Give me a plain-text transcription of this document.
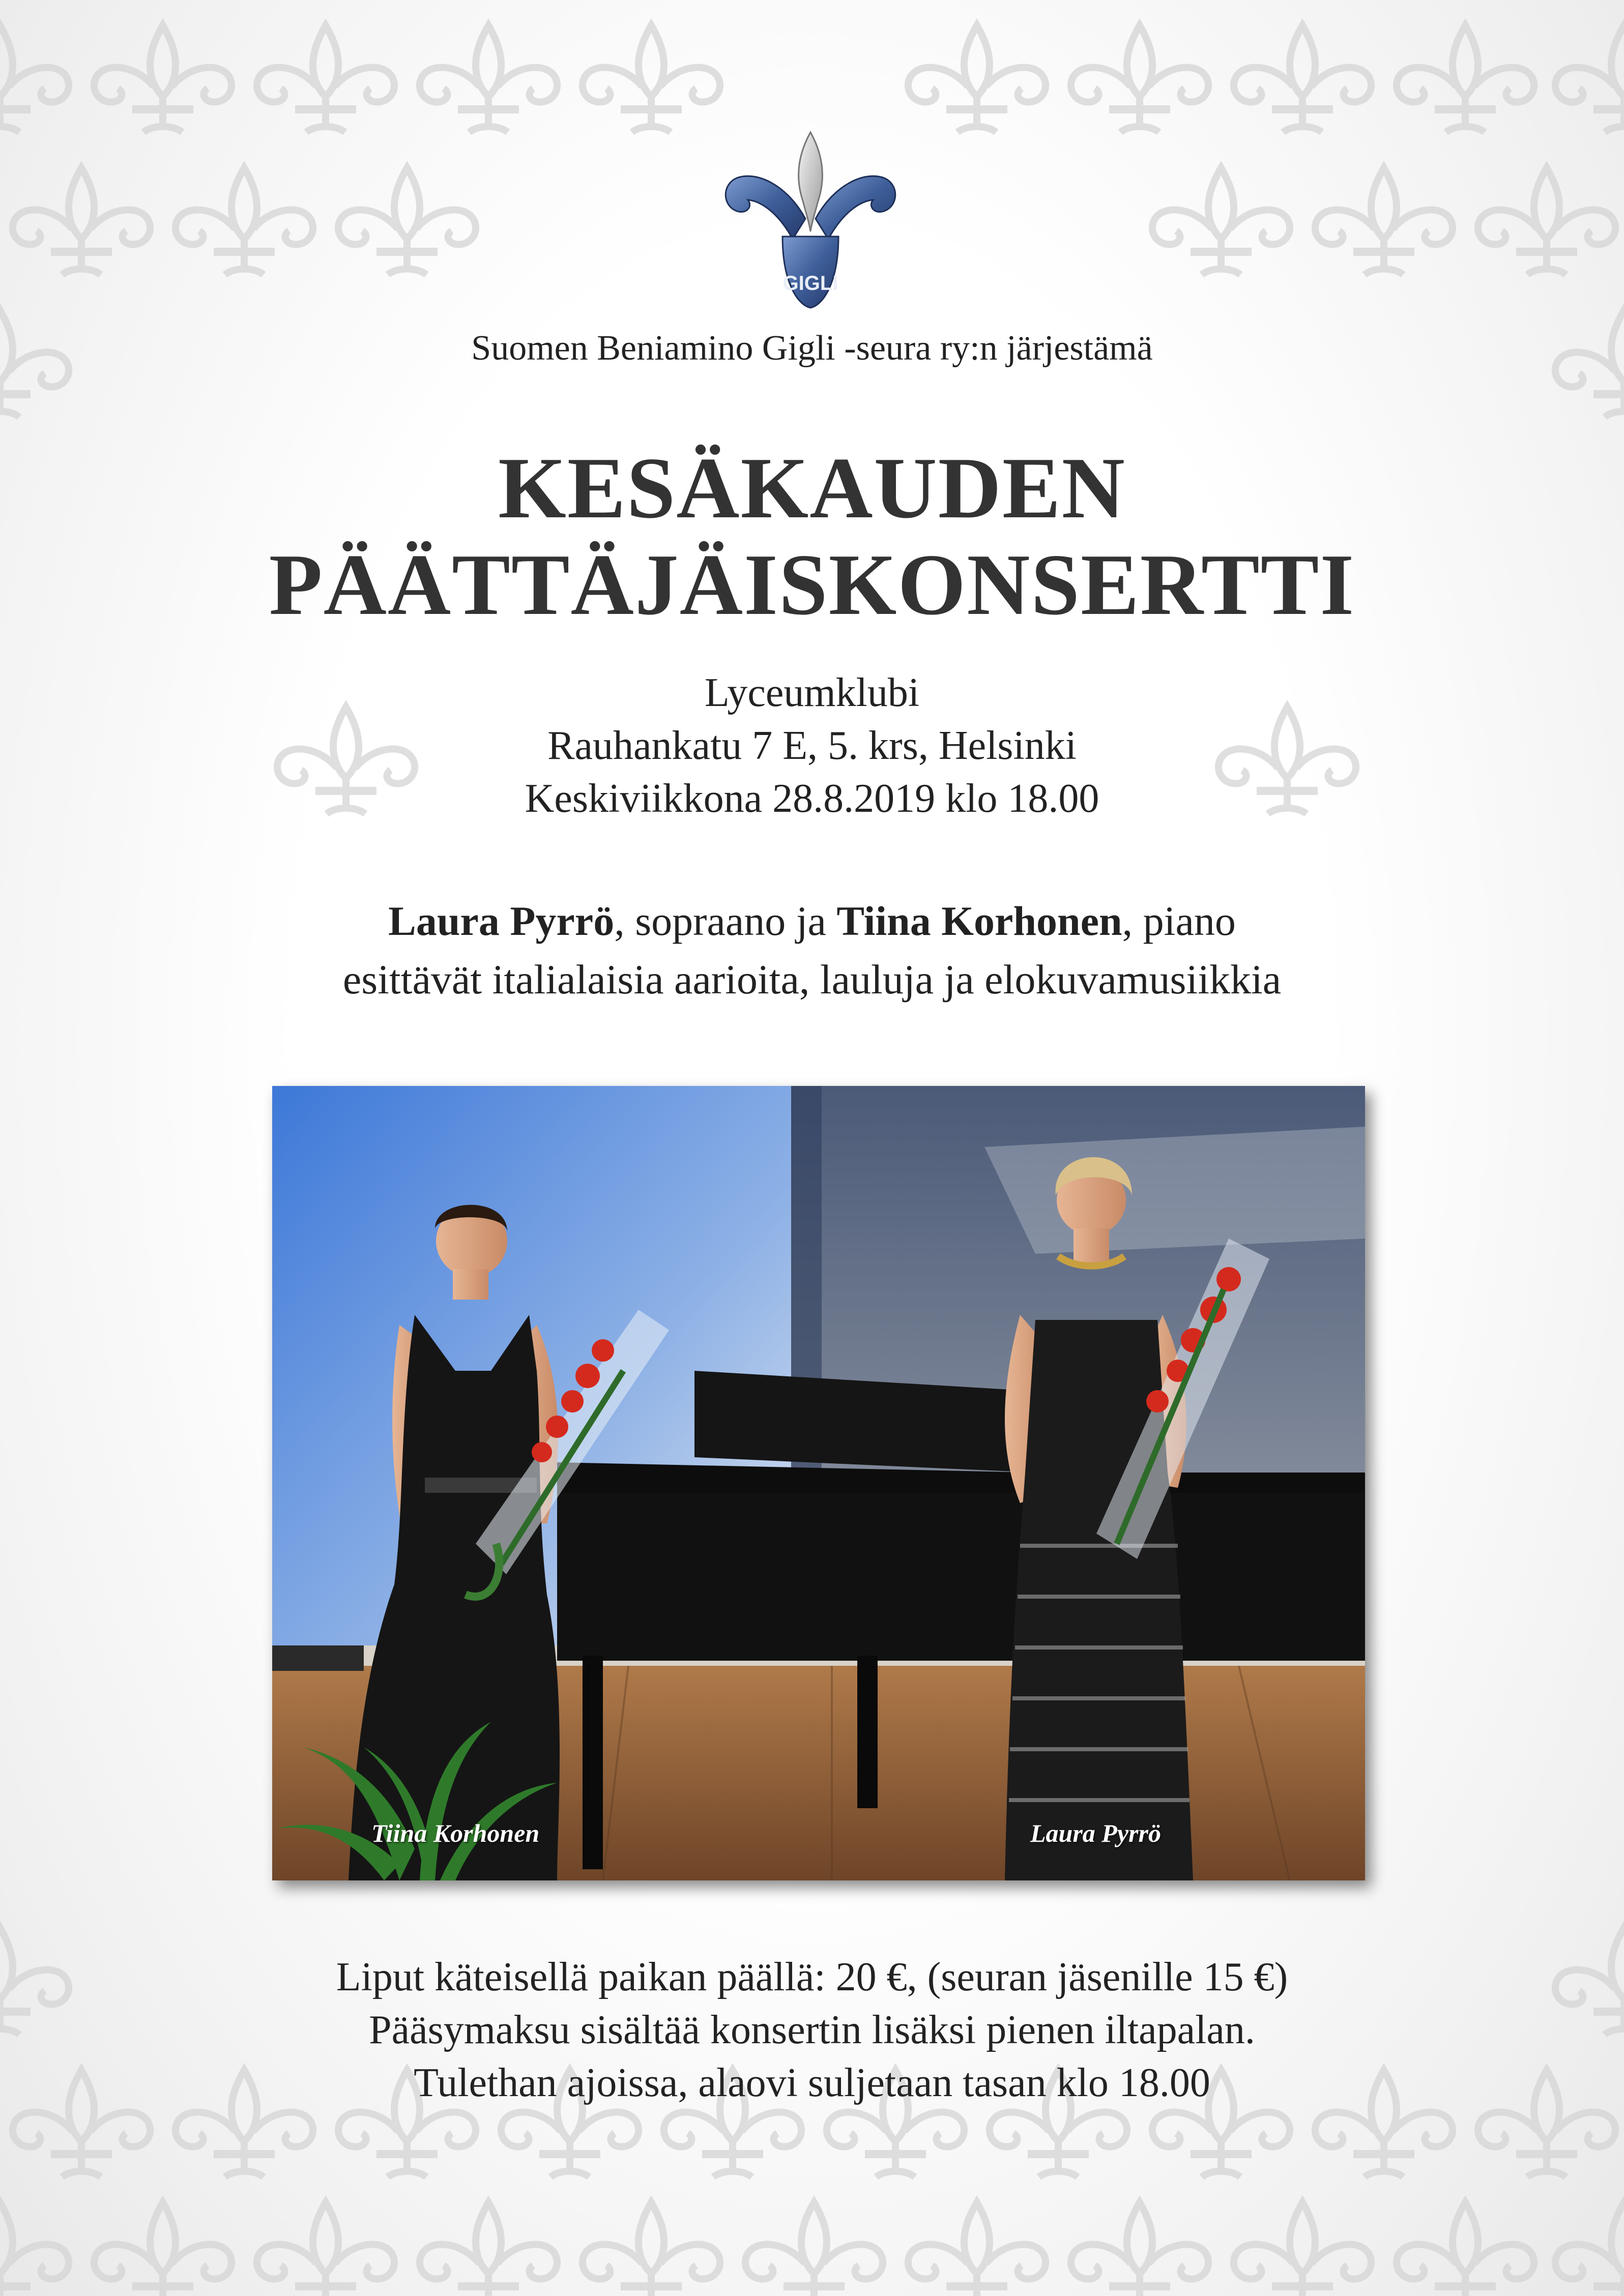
GIGLI
Suomen Beniamino Gigli -seura ry:n järjestämä
KESÄKAUDEN
PÄÄTTÄJÄISKONSERTTI
Lyceumklubi
Rauhankatu 7 E, 5. krs, Helsinki
Keskiviikkona 28.8.2019 klo 18.00
Laura Pyrrö, sopraano ja Tiina Korhonen, piano
esittävät italialaisia aarioita, lauluja ja elokuvamusiikkia
Tiina Korhonen	Laura Pyrrö
Liput käteisellä paikan päällä: 20 €, (seuran jäsenille 15 €)
Pääsymaksu sisältää konsertin lisäksi pienen iltapalan.
Tulethan ajoissa, alaovi suljetaan tasan klo 18.00
